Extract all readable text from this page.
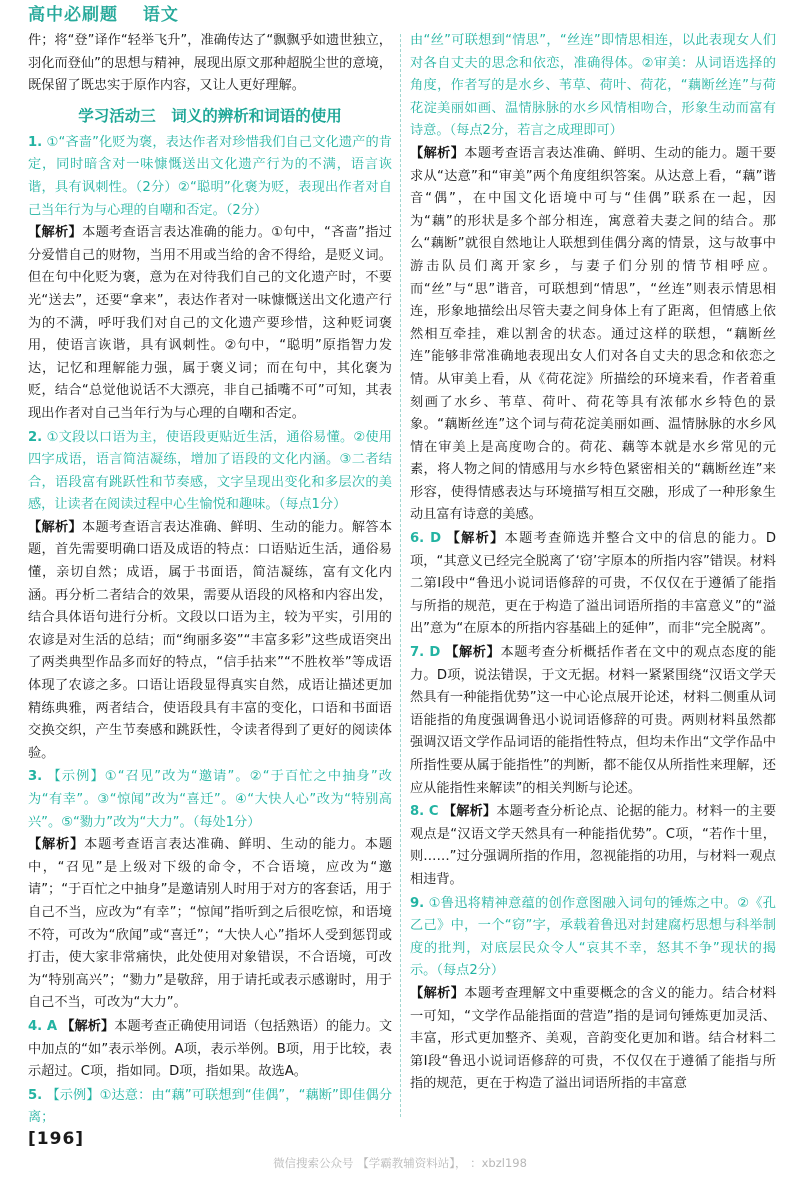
高中必刷题 语文

件；将“登”译作“轻举飞升”，准确传达了“飘飘乎如遗世独立，羽化而登仙”的思想与精神，展现出原文那种超脱尘世的意境，既保留了既忠实于原作内容，又让人更好理解。

学习活动三　词义的辨析和词语的使用

1. ①“吝啬”化贬为褒，表达作者对珍惜我们自己文化遗产的肯定，同时暗含对一味慷慨送出文化遗产行为的不满，语言诙谐，具有讽刺性。（2分）②“聪明”化褒为贬，表现出作者对自己当年行为与心理的自嘲和否定。（2分）

【解析】本题考查语言表达准确的能力。①句中，“吝啬”指过分爱惜自己的财物，当用不用或当给的舍不得给，是贬义词。但在句中化贬为褒，意为在对待我们自己的文化遗产时，不要光“送去”，还要“拿来”，表达作者对一味慷慨送出文化遗产行为的不满，呼吁我们对自己的文化遗产要珍惜，这种贬词褒用，使语言诙谐，具有讽刺性。②句中，“聪明”原指智力发达，记忆和理解能力强，属于褒义词；而在句中，其化褒为贬，结合“总觉他说话不大漂亮，非自己插嘴不可”可知，其表现出作者对自己当年行为与心理的自嘲和否定。

2. ①文段以口语为主，使语段更贴近生活，通俗易懂。②使用四字成语，语言简洁凝练，增加了语段的文化内涵。③二者结合，语段富有跳跃性和节奏感，文字呈现出变化和多层次的美感，让读者在阅读过程中心生愉悦和趣味。（每点1分）

【解析】本题考查语言表达准确、鲜明、生动的能力。解答本题，首先需要明确口语及成语的特点：口语贴近生活，通俗易懂，亲切自然；成语，属于书面语，简洁凝练，富有文化内涵。再分析二者结合的效果，需要从语段的风格和内容出发，结合具体语句进行分析。文段以口语为主，较为平实，引用的农谚是对生活的总结；而“绚丽多姿”“丰富多彩”这些成语突出了两类典型作品多而好的特点，“信手拈来”“不胜枚举”等成语体现了农谚之多。口语让语段显得真实自然，成语让描述更加精练典雅，两者结合，使语段具有丰富的变化，口语和书面语交换交织，产生节奏感和跳跃性，令读者得到了更好的阅读体验。

3. 【示例】①“召见”改为“邀请”。②“于百忙之中抽身”改为“有幸”。③“惊闻”改为“喜迁”。④“大快人心”改为“特别高兴”。⑤“勠力”改为“大力”。（每处1分）

【解析】本题考查语言表达准确、鲜明、生动的能力。本题中，“召见”是上级对下级的命令，不合语境，应改为“邀请”；“于百忙之中抽身”是邀请别人时用于对方的客套话，用于自己不当，应改为“有幸”；“惊闻”指听到之后很吃惊，和语境不符，可改为“欣闻”或“喜迁”；“大快人心”指坏人受到惩罚或打击，使大家非常痛快，此处使用对象错误，不合语境，可改为“特别高兴”；“勠力”是敬辞，用于请托或表示感谢时，用于自己不当，可改为“大力”。

4. A 【解析】本题考查正确使用词语（包括熟语）的能力。文中加点的“如”表示举例。A项，表示举例。B项，用于比较，表示超过。C项，指如同。D项，指如果。故选A。

5. 【示例】①达意：由“藕”可联想到“佳偶”，“藕断”即佳偶分离；

由“丝”可联想到“情思”，“丝连”即情思相连，以此表现女人们对各自丈夫的思念和依恋，准确得体。②审美：从词语选择的角度，作者写的是水乡、苇草、荷叶、荷花，“藕断丝连”与荷花淀美丽如画、温情脉脉的水乡风情相吻合，形象生动而富有诗意。（每点2分，若言之成理即可）

【解析】本题考查语言表达准确、鲜明、生动的能力。题干要求从“达意”和“审美”两个角度组织答案。从达意上看，“藕”谐音“偶”，在中国文化语境中可与“佳偶”联系在一起，因为“藕”的形状是多个部分相连，寓意着夫妻之间的结合。那么“藕断”就很自然地让人联想到佳偶分离的情景，这与故事中游击队员们离开家乡，与妻子们分别的情节相呼应。而“丝”与“思”谐音，可联想到“情思”，“丝连”则表示情思相连，形象地描绘出尽管夫妻之间身体上有了距离，但情感上依然相互牵挂，难以割舍的状态。通过这样的联想，“藕断丝连”能够非常准确地表现出女人们对各自丈夫的思念和依恋之情。从审美上看，从《荷花淀》所描绘的环境来看，作者着重刻画了水乡、苇草、荷叶、荷花等具有浓郁水乡特色的景象。“藕断丝连”这个词与荷花淀美丽如画、温情脉脉的水乡风情在审美上是高度吻合的。荷花、藕等本就是水乡常见的元素，将人物之间的情感用与水乡特色紧密相关的“藕断丝连”来形容，使得情感表达与环境描写相互交融，形成了一种形象生动且富有诗意的美感。

6. D 【解析】本题考查筛选并整合文中的信息的能力。D项，“其意义已经完全脱离了‘窃’字原本的所指内容”错误。材料二第Ⅰ段中“鲁迅小说词语修辞的可贵，不仅仅在于遵循了能指与所指的规范，更在于构造了溢出词语所指的丰富意义”的“溢出”意为“在原本的所指内容基础上的延伸”，而非“完全脱离”。

7. D 【解析】本题考查分析概括作者在文中的观点态度的能力。D项，说法错误，于文无据。材料一紧紧围绕“汉语文学天然具有一种能指优势”这一中心论点展开论述，材料二侧重从词语能指的角度强调鲁迅小说词语修辞的可贵。两则材料虽然都强调汉语文学作品词语的能指性特点，但均未作出“文学作品中所指性要从属于能指性”的判断，都不能仅从所指性来理解，还应从能指性来解读”的相关判断与论述。

8. C 【解析】本题考查分析论点、论据的能力。材料一的主要观点是“汉语文学天然具有一种能指优势”。C项，“若作十里，则……”过分强调所指的作用，忽视能指的功用，与材料一观点相违背。

9. ①鲁迅将精神意蕴的创作意图融入词句的锤炼之中。②《孔乙己》中，一个“窃”字，承载着鲁迅对封建腐朽思想与科举制度的批判，对底层民众令人“哀其不幸，怒其不争”现状的揭示。（每点2分）

【解析】本题考查理解文中重要概念的含义的能力。结合材料一可知，“文学作品能指面的营造”指的是词句锤炼更加灵活、丰富，形式更加整齐、美观，音韵变化更加和谐。结合材料二第Ⅰ段“鲁迅小说词语修辞的可贵，不仅仅在于遵循了能指与所指的规范，更在于构造了溢出词语所指的丰富意

[196]
微信搜索公众号 【学霸教辅资料站】， ：xbzl198
